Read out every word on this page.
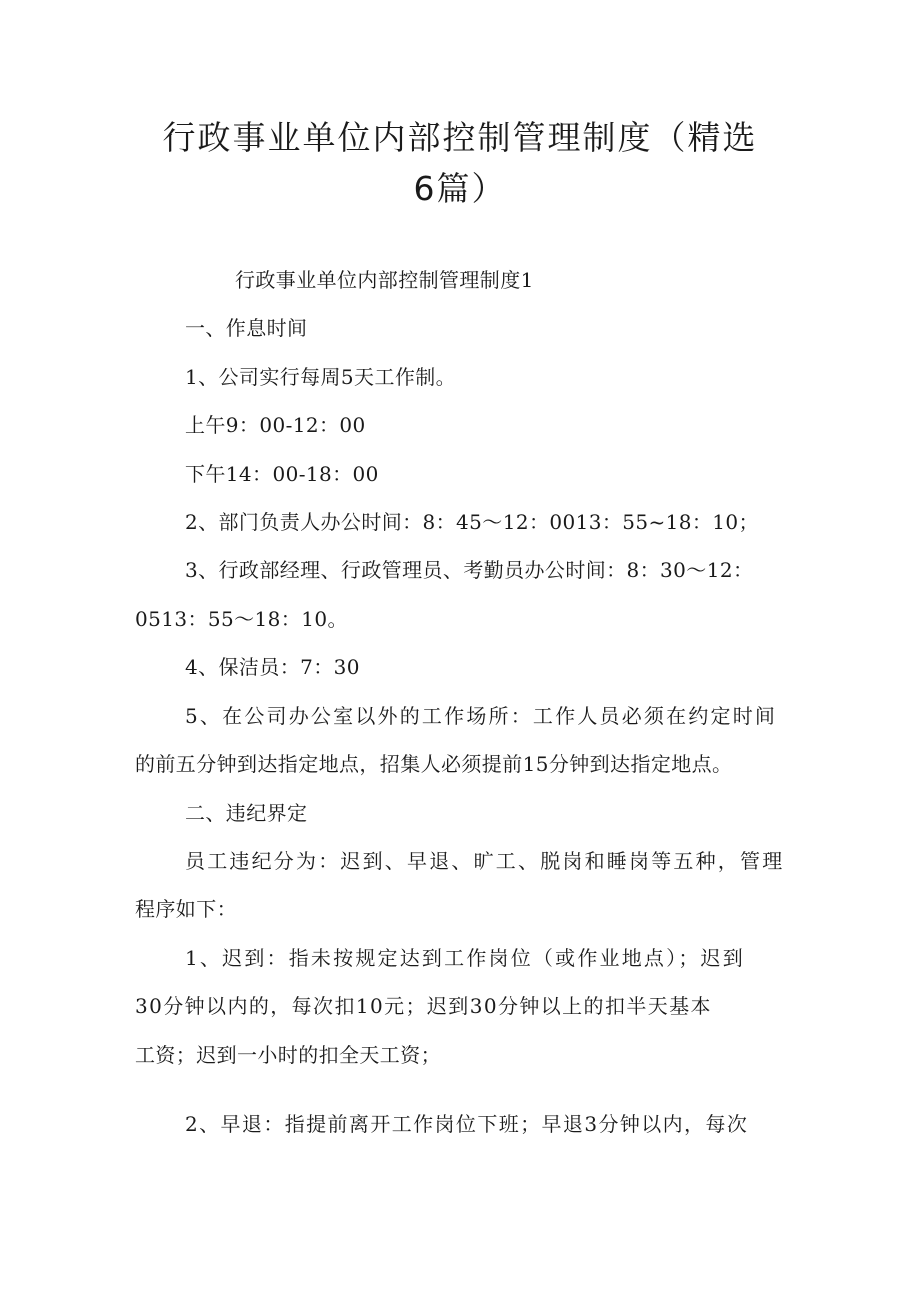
行政事业单位内部控制管理制度（精选
6篇）
行政事业单位内部控制管理制度1
一、作息时间
1、公司实行每周5天工作制。
上午9：00-12：00
下午14：00-18：00
2、部门负责人办公时间：8：45～12：0013：55~18：10；
3、行政部经理、行政管理员、考勤员办公时间：8：30～12：
0513：55～18：10。
4、保洁员：7：30
5、在公司办公室以外的工作场所：工作人员必须在约定时间
的前五分钟到达指定地点，招集人必须提前15分钟到达指定地点。
二、违纪界定
员工违纪分为：迟到、早退、旷工、脱岗和睡岗等五种，管理
程序如下：
1、迟到：指未按规定达到工作岗位（或作业地点）；迟到
30分钟以内的，每次扣10元；迟到30分钟以上的扣半天基本
工资；迟到一小时的扣全天工资；
2、早退：指提前离开工作岗位下班；早退3分钟以内，每次
